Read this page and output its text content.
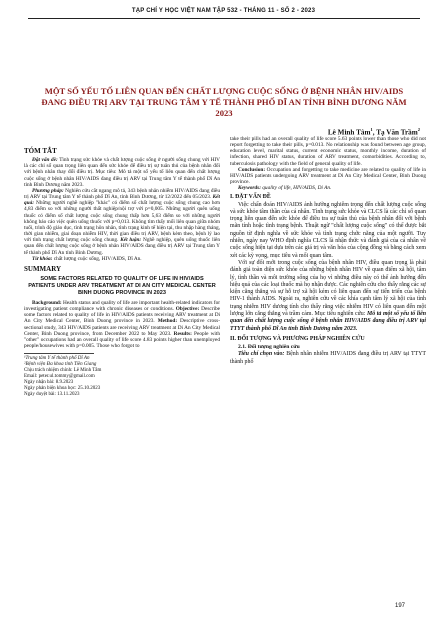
TẠP CHÍ Y HỌC VIỆT NAM TẬP 532 - THÁNG 11 - SỐ 2 - 2023
MỘT SỐ YẾU TỐ LIÊN QUAN ĐẾN CHẤT LƯỢNG CUỘC SỐNG Ở BỆNH NHÂN HIV/AIDS ĐANG ĐIỀU TRỊ ARV TẠI TRUNG TÂM Y TẾ THÀNH PHỐ DĨ AN TỈNH BÌNH DƯƠNG NĂM 2023
Lê Minh Tâm$^1$, Tạ Văn Trầm$^2$
TÓM TẮT

Đặt vấn đề: Tình trạng sức khỏe và chất lượng cuộc sống ở người sống chung với HIV là các chỉ số quan trọng liên quan đến sức khỏe để điều trị sự tuân thủ của bệnh nhân đối với bệnh nhân thay đổi điều trị. Mục tiêu: Mô tả một số yếu tố liên quan đến chất lượng cuộc sống ở bệnh nhân HIV/AIDS đang điều trị ARV tại Trung tâm Y tế thành phố Dĩ An tỉnh Bình Dương năm 2023.

Phương pháp: Nghiên cứu cắt ngang mô tả, 343 bệnh nhân nhiễm HIV/AIDS đang điều trị ARV tại Trung tâm Y tế thành phố Dĩ An, tỉnh Bình Dương, từ 12/2022 đến 05/2023. Kết quả: Những người nghề nghiệp "khác" có điểm số chất lượng cuộc sống chung cao hơn 4,83 điểm so với những người thất nghiệp/nội trợ với p=0,005. Những người quên uống thuốc có điểm số chất lượng cuộc sống chung thấp hơn 5,63 điểm so với những người không báo cáo việc quên uống thuốc với p=0,013. Không tìm thấy mối liên quan giữa nhóm tuổi, trình độ giáo dục, tình trạng hôn nhân, tình trạng kinh tế hiện tại, thu nhập hàng tháng, thời gian nhiễm, giai đoạn nhiễm HIV, thời gian điều trị ARV, bệnh kèm theo, bệnh lý lao với tình trạng chất lượng cuộc sống chung. Kết luận: Nghề nghiệp, quên uống thuốc liên quan đến chất lượng cuộc sống ở bệnh nhân HIV/AIDS đang điều trị ARV tại Trung tâm Y tế thành phố Dĩ An tỉnh Bình Dương.

Từ khóa: chất lượng cuộc sống, HIV/AIDS, Dĩ An.

SUMMARY
SOME FACTORS RELATED TO QUALITY OF LIFE IN HIV/AIDS PATIENTS UNDER ARV TREATMENT AT DI AN CITY MEDICAL CENTER BINH DUONG PROVINCE IN 2023

Background: Health status and quality of life are important health-related indicators for investigating patient compliance with chronic diseases or conditions. Objective: Describe some factors related to quality of life in HIV/AIDS patients receiving ARV treatment at Di An City Medical Center, Binh Duong province in 2023. Method: Descriptive cross-sectional study, 343 HIV/AIDS patients are receiving ARV treatment at Di An City Medical Center, Binh Duong province, from December 2022 to May 2023. Results: People with "other" occupations had an overall quality of life score 4.83 points higher than unemployed people/housewives with p=0.005. Those who forgot to

¹Trung tâm Y tế thành phố Dĩ An

²Bệnh viện Đa khoa tỉnh Tiền Giang

Chịu trách nhiệm chính: Lê Minh Tâm

Email: peter.ul.tommy@gmail.com

Ngày nhận bài: 8.9.2023

Ngày phản biện khoa học: 25.10.2023

Ngày duyệt bài: 13.11.2023

take their pills had an overall quality of life score 5.63 points lower than those who did not report forgetting to take their pills, p=0.013. No relationship was found between age group, education level, marital status, current economic status, monthly income, duration of infection, shared HIV status, duration of ARV treatment, comorbidities. According to, tuberculosis pathology with the field of general quality of life.

Conclusion: Occupation and forgetting to take medicine are related to quality of life in HIV/AIDS patients undergoing ARV treatment at Di An City Medical Center, Binh Duong province.

Keywords: quality of life, HIV/AIDS, Di An.

I. ĐẶT VẤN ĐỀ

Việc chẩn đoán HIV/AIDS ảnh hưởng nghiêm trọng đến chất lượng cuộc sống và sức khỏe tâm thần của cá nhân. Tình trạng sức khỏe và CLCS là các chỉ số quan trọng liên quan đến sức khỏe để điều tra sự tuân thủ của bệnh nhân đối với bệnh mãn tính hoặc tình trạng bệnh. Thuật ngữ "chất lượng cuộc sống" có thể được bắt nguồn từ định nghĩa về sức khỏe và tình trạng chức năng của một người. Tuy nhiên, ngày nay WHO định nghĩa CLCS là nhận thức và đánh giá của cá nhân về cuộc sống hiện tại dựa trên các giá trị và văn hóa của cộng đồng và bằng cách xem xét các kỳ vọng, mục tiêu và mối quan tâm.

Với sự đối mới trong cuộc sống của bệnh nhân HIV, điều quan trọng là phải đánh giá toàn diện sức khỏe của những bệnh nhân HIV về quan điểm xã hội, tâm lý, tình thần và môi trường sống của họ vì những điều này có thể ảnh hưởng đến hiệu quả của các loại thuốc mà họ nhận được. Các nghiên cứu cho thấy rằng các sự kiện căng thẳng và sự hỗ trợ xã hội kém có liên quan đến sự tiến triển của bệnh HIV-1 thành AIDS. Ngoài ra, nghiên cứu về các khía cạnh tâm lý xã hội của tình trạng nhiễm HIV dương tính cho thấy rằng việc nhiễm HIV có liên quan đến một lượng lớn căng thẳng và trầm cảm. Mục tiêu nghiên cứu: Mô tả một số yếu tố liên quan đến chất lượng cuộc sống ở bệnh nhân HIV/AIDS đang điều trị ARV tại TTYT thành phố Dĩ An tỉnh Bình Dương năm 2023.

II. ĐỐI TƯỢNG VÀ PHƯƠNG PHÁP NGHIÊN CỨU
2.1. Đối tượng nghiên cứu

Tiêu chí chọn vào: Bệnh nhân nhiễm HIV/AIDS đang điều trị ARV tại TTYT thành phố

197
